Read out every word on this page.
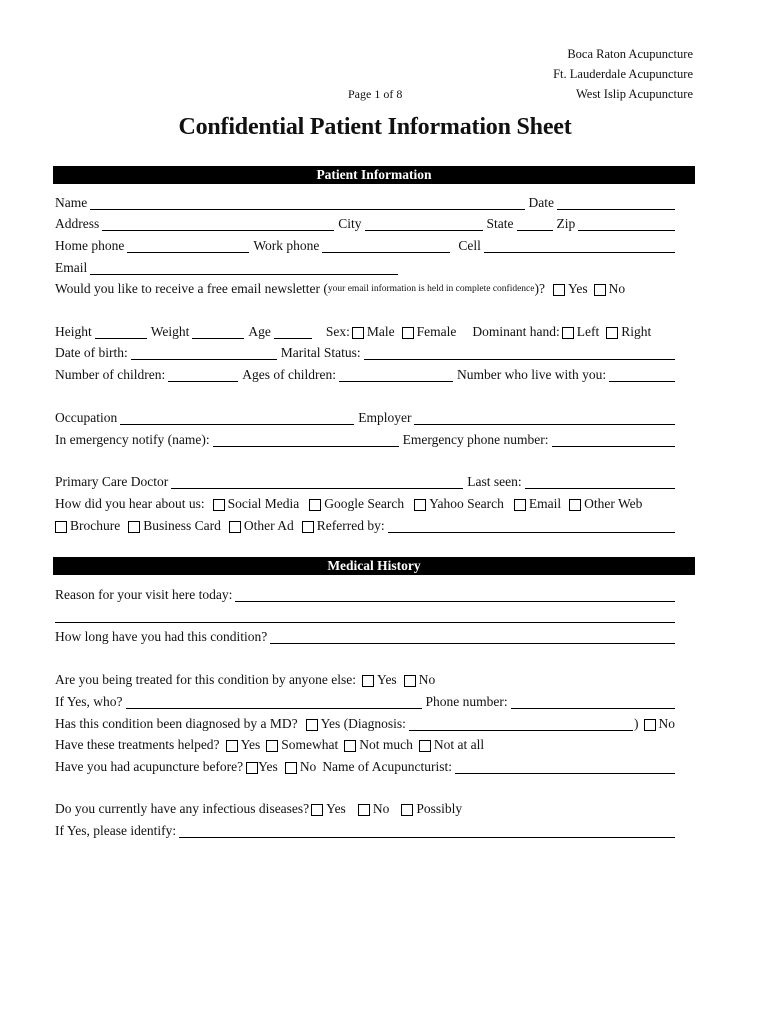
Boca Raton Acupuncture
Ft. Lauderdale Acupuncture
West Islip Acupuncture
Page 1 of 8
Confidential Patient Information Sheet
Patient Information
Name	Date
Address	City	State	Zip
Home phone	Work phone	Cell
Email
Would you like to receive a free email newsletter ( your email information is held in complete confidence )? Yes No
Height	Weight	Age	Sex: Male Female Dominant hand: Left Right
Date of birth:	Marital Status:
Number of children:	Ages of children:	Number who live with you:
Occupation	Employer
In emergency notify (name):	Emergency phone number:
Primary Care Doctor	Last seen:
How did you hear about us: Social Media Google Search Yahoo Search Email Other Web
Brochure Business Card Other Ad Referred by:
Medical History
Reason for your visit here today:
How long have you had this condition?
Are you being treated for this condition by anyone else: Yes No
If Yes, who?	Phone number:
Has this condition been diagnosed by a MD? Yes (Diagnosis:	) No
Have these treatments helped? Yes Somewhat Not much Not at all
Have you had acupuncture before? Yes No Name of Acupuncturist:
Do you currently have any infectious diseases? Yes No Possibly
If Yes, please identify:
